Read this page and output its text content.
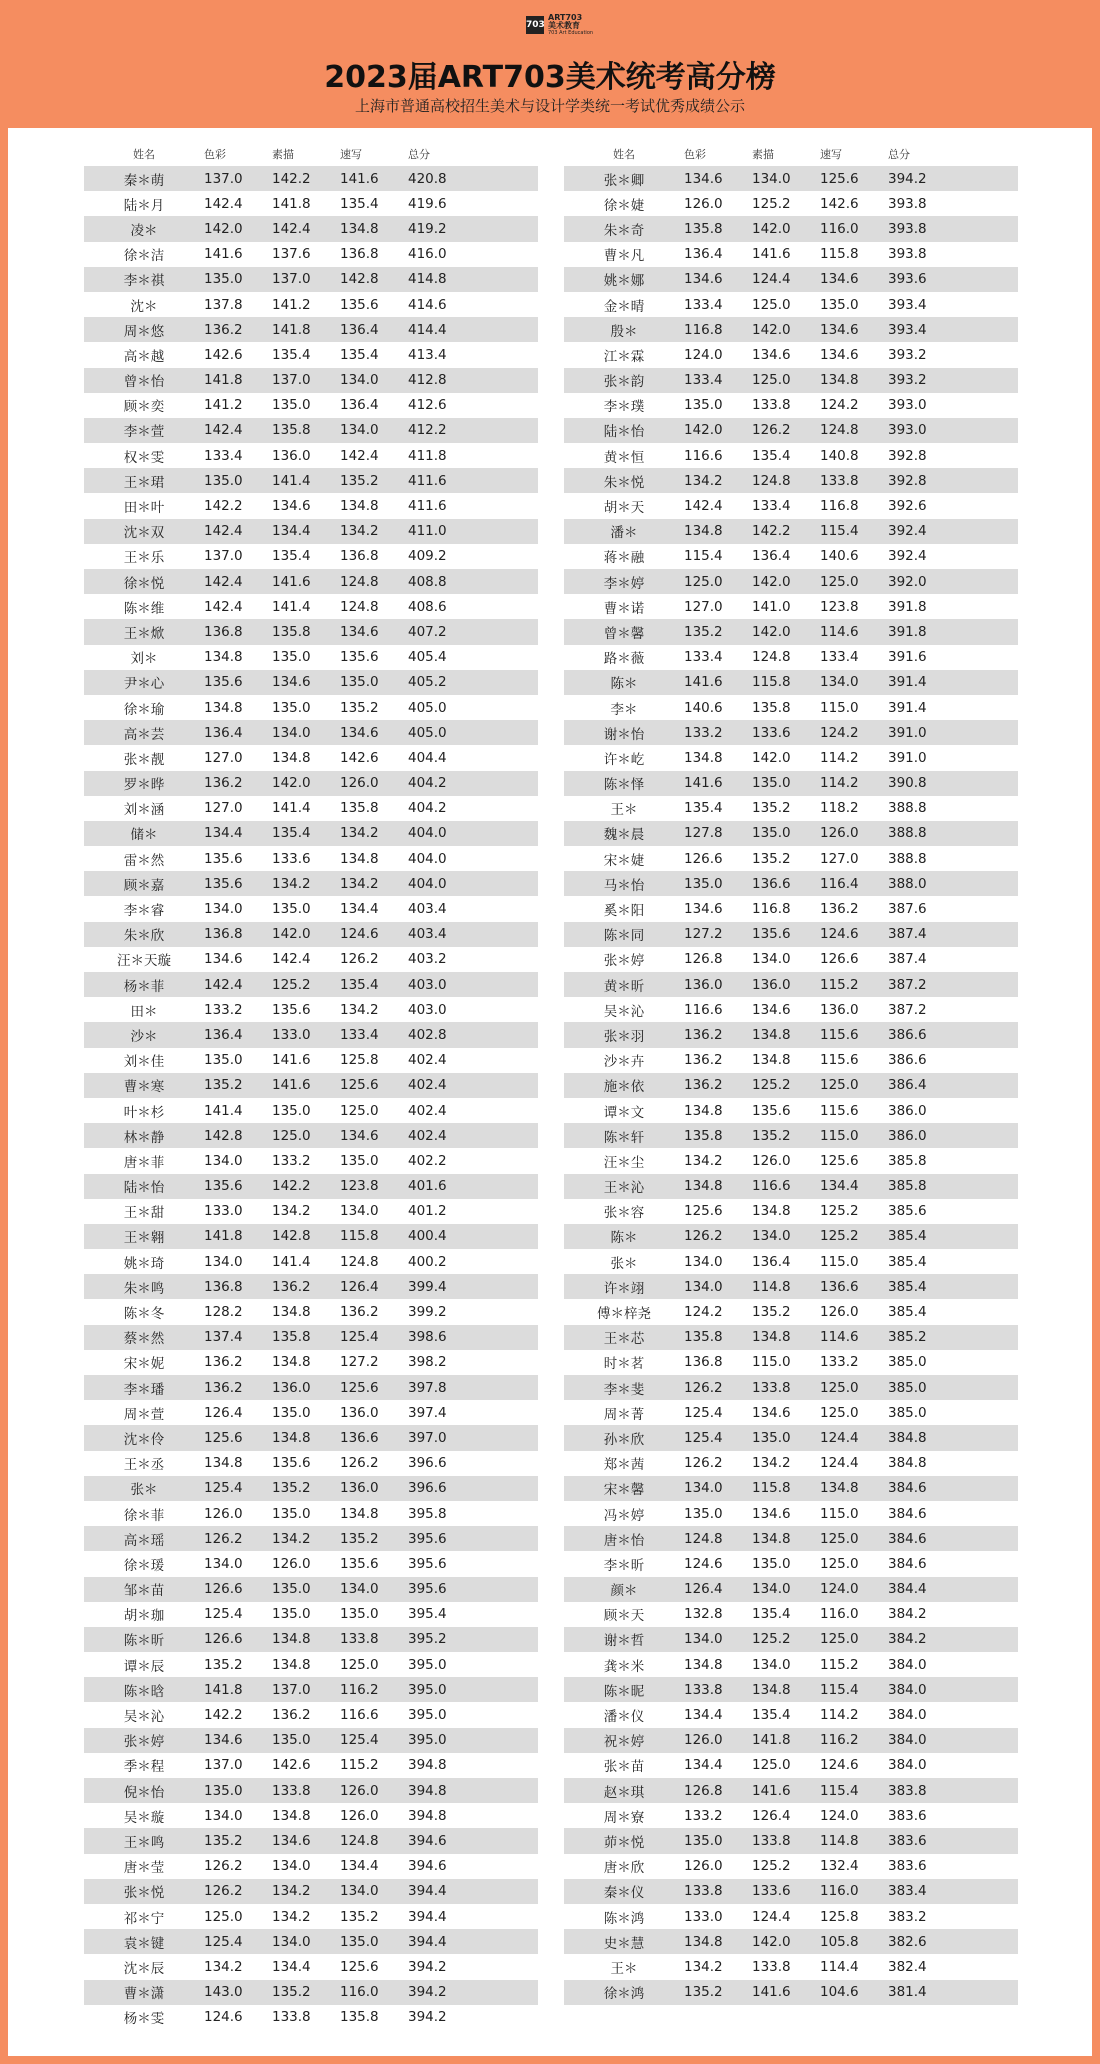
703
ART703
美术教育
703 Art Education
2023届ART703美术统考高分榜
上海市普通高校招生美术与设计学类统一考试优秀成绩公示
姓名	色彩	素描	速写	总分
秦＊萌	137.0	142.2	141.6	420.8
陆＊月	142.4	141.8	135.4	419.6
凌＊	142.0	142.4	134.8	419.2
徐＊洁	141.6	137.6	136.8	416.0
李＊祺	135.0	137.0	142.8	414.8
沈＊	137.8	141.2	135.6	414.6
周＊悠	136.2	141.8	136.4	414.4
高＊越	142.6	135.4	135.4	413.4
曾＊怡	141.8	137.0	134.0	412.8
顾＊奕	141.2	135.0	136.4	412.6
李＊萱	142.4	135.8	134.0	412.2
权＊雯	133.4	136.0	142.4	411.8
王＊珺	135.0	141.4	135.2	411.6
田＊叶	142.2	134.6	134.8	411.6
沈＊双	142.4	134.4	134.2	411.0
王＊乐	137.0	135.4	136.8	409.2
徐＊悦	142.4	141.6	124.8	408.8
陈＊维	142.4	141.4	124.8	408.6
王＊焮	136.8	135.8	134.6	407.2
刘＊	134.8	135.0	135.6	405.4
尹＊心	135.6	134.6	135.0	405.2
徐＊瑜	134.8	135.0	135.2	405.0
高＊芸	136.4	134.0	134.6	405.0
张＊靓	127.0	134.8	142.6	404.4
罗＊晔	136.2	142.0	126.0	404.2
刘＊涵	127.0	141.4	135.8	404.2
储＊	134.4	135.4	134.2	404.0
雷＊然	135.6	133.6	134.8	404.0
顾＊嘉	135.6	134.2	134.2	404.0
李＊睿	134.0	135.0	134.4	403.4
朱＊欣	136.8	142.0	124.6	403.4
汪＊天璇	134.6	142.4	126.2	403.2
杨＊菲	142.4	125.2	135.4	403.0
田＊	133.2	135.6	134.2	403.0
沙＊	136.4	133.0	133.4	402.8
刘＊佳	135.0	141.6	125.8	402.4
曹＊寒	135.2	141.6	125.6	402.4
叶＊杉	141.4	135.0	125.0	402.4
林＊静	142.8	125.0	134.6	402.4
唐＊菲	134.0	133.2	135.0	402.2
陆＊怡	135.6	142.2	123.8	401.6
王＊甜	133.0	134.2	134.0	401.2
王＊翱	141.8	142.8	115.8	400.4
姚＊琦	134.0	141.4	124.8	400.2
朱＊鸣	136.8	136.2	126.4	399.4
陈＊冬	128.2	134.8	136.2	399.2
蔡＊然	137.4	135.8	125.4	398.6
宋＊妮	136.2	134.8	127.2	398.2
李＊璠	136.2	136.0	125.6	397.8
周＊萱	126.4	135.0	136.0	397.4
沈＊伶	125.6	134.8	136.6	397.0
王＊丞	134.8	135.6	126.2	396.6
张＊	125.4	135.2	136.0	396.6
徐＊菲	126.0	135.0	134.8	395.8
高＊瑶	126.2	134.2	135.2	395.6
徐＊瑗	134.0	126.0	135.6	395.6
邹＊苗	126.6	135.0	134.0	395.6
胡＊珈	125.4	135.0	135.0	395.4
陈＊昕	126.6	134.8	133.8	395.2
谭＊辰	135.2	134.8	125.0	395.0
陈＊晗	141.8	137.0	116.2	395.0
吴＊沁	142.2	136.2	116.6	395.0
张＊婷	134.6	135.0	125.4	395.0
季＊程	137.0	142.6	115.2	394.8
倪＊怡	135.0	133.8	126.0	394.8
吴＊璇	134.0	134.8	126.0	394.8
王＊鸣	135.2	134.6	124.8	394.6
唐＊莹	126.2	134.0	134.4	394.6
张＊悦	126.2	134.2	134.0	394.4
祁＊宁	125.0	134.2	135.2	394.4
袁＊键	125.4	134.0	135.0	394.4
沈＊辰	134.2	134.4	125.6	394.2
曹＊潇	143.0	135.2	116.0	394.2
杨＊雯	124.6	133.8	135.8	394.2
姓名	色彩	素描	速写	总分
张＊卿	134.6	134.0	125.6	394.2
徐＊婕	126.0	125.2	142.6	393.8
朱＊奇	135.8	142.0	116.0	393.8
曹＊凡	136.4	141.6	115.8	393.8
姚＊娜	134.6	124.4	134.6	393.6
金＊晴	133.4	125.0	135.0	393.4
殷＊	116.8	142.0	134.6	393.4
江＊霖	124.0	134.6	134.6	393.2
张＊韵	133.4	125.0	134.8	393.2
李＊璞	135.0	133.8	124.2	393.0
陆＊怡	142.0	126.2	124.8	393.0
黄＊恒	116.6	135.4	140.8	392.8
朱＊悦	134.2	124.8	133.8	392.8
胡＊天	142.4	133.4	116.8	392.6
潘＊	134.8	142.2	115.4	392.4
蒋＊融	115.4	136.4	140.6	392.4
李＊婷	125.0	142.0	125.0	392.0
曹＊诺	127.0	141.0	123.8	391.8
曾＊馨	135.2	142.0	114.6	391.8
路＊薇	133.4	124.8	133.4	391.6
陈＊	141.6	115.8	134.0	391.4
李＊	140.6	135.8	115.0	391.4
谢＊怡	133.2	133.6	124.2	391.0
许＊屹	134.8	142.0	114.2	391.0
陈＊怿	141.6	135.0	114.2	390.8
王＊	135.4	135.2	118.2	388.8
魏＊晨	127.8	135.0	126.0	388.8
宋＊婕	126.6	135.2	127.0	388.8
马＊怡	135.0	136.6	116.4	388.0
奚＊阳	134.6	116.8	136.2	387.6
陈＊同	127.2	135.6	124.6	387.4
张＊婷	126.8	134.0	126.6	387.4
黄＊昕	136.0	136.0	115.2	387.2
吴＊沁	116.6	134.6	136.0	387.2
张＊羽	136.2	134.8	115.6	386.6
沙＊卉	136.2	134.8	115.6	386.6
施＊依	136.2	125.2	125.0	386.4
谭＊文	134.8	135.6	115.6	386.0
陈＊轩	135.8	135.2	115.0	386.0
汪＊尘	134.2	126.0	125.6	385.8
王＊沁	134.8	116.6	134.4	385.8
张＊容	125.6	134.8	125.2	385.6
陈＊	126.2	134.0	125.2	385.4
张＊	134.0	136.4	115.0	385.4
许＊翊	134.0	114.8	136.6	385.4
傅＊梓尧	124.2	135.2	126.0	385.4
王＊芯	135.8	134.8	114.6	385.2
时＊茗	136.8	115.0	133.2	385.0
李＊斐	126.2	133.8	125.0	385.0
周＊菁	125.4	134.6	125.0	385.0
孙＊欣	125.4	135.0	124.4	384.8
郑＊茜	126.2	134.2	124.4	384.8
宋＊馨	134.0	115.8	134.8	384.6
冯＊婷	135.0	134.6	115.0	384.6
唐＊怡	124.8	134.8	125.0	384.6
李＊昕	124.6	135.0	125.0	384.6
颜＊	126.4	134.0	124.0	384.4
顾＊天	132.8	135.4	116.0	384.2
谢＊哲	134.0	125.2	125.0	384.2
龚＊米	134.8	134.0	115.2	384.0
陈＊昵	133.8	134.8	115.4	384.0
潘＊仪	134.4	135.4	114.2	384.0
祝＊婷	126.0	141.8	116.2	384.0
张＊苗	134.4	125.0	124.6	384.0
赵＊琪	126.8	141.6	115.4	383.8
周＊寮	133.2	126.4	124.0	383.6
茆＊悦	135.0	133.8	114.8	383.6
唐＊欣	126.0	125.2	132.4	383.6
秦＊仪	133.8	133.6	116.0	383.4
陈＊鸿	133.0	124.4	125.8	383.2
史＊慧	134.8	142.0	105.8	382.6
王＊	134.2	133.8	114.4	382.4
徐＊鸿	135.2	141.6	104.6	381.4
